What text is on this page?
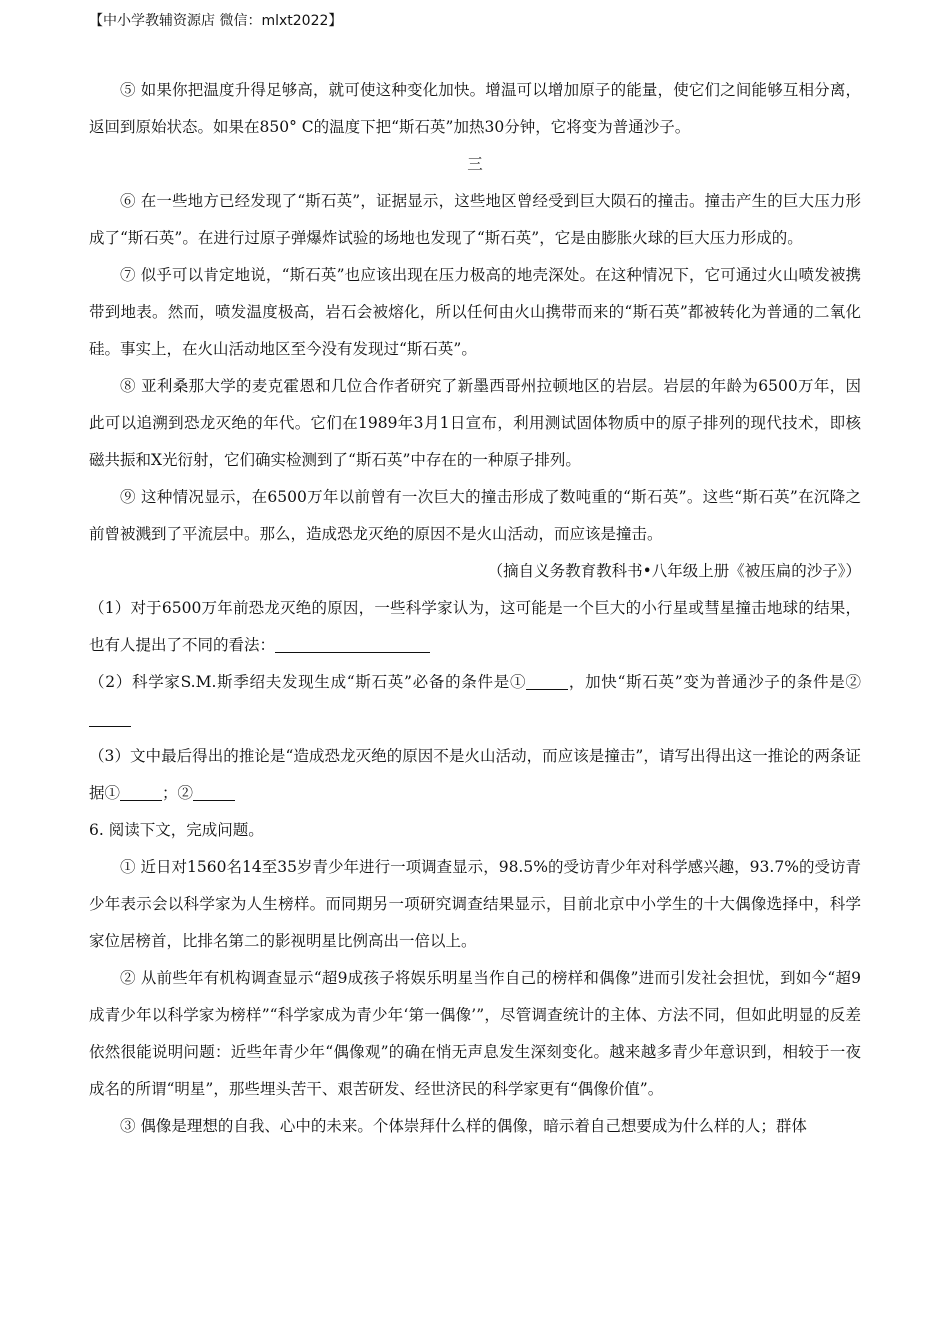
【中小学教辅资源店 微信：mlxt2022】

⑤ 如果你把温度升得足够高，就可使这种变化加快。增温可以增加原子的能量，使它们之间能够互相分离，返回到原始状态。如果在850° C的温度下把“斯石英”加热30分钟，它将变为普通沙子。

三

⑥ 在一些地方已经发现了“斯石英”，证据显示，这些地区曾经受到巨大陨石的撞击。撞击产生的巨大压力形成了“斯石英”。在进行过原子弹爆炸试验的场地也发现了“斯石英”，它是由膨胀火球的巨大压力形成的。

⑦ 似乎可以肯定地说，“斯石英”也应该出现在压力极高的地壳深处。在这种情况下，它可通过火山喷发被携带到地表。然而，喷发温度极高，岩石会被熔化，所以任何由火山携带而来的“斯石英”都被转化为普通的二氧化硅。事实上，在火山活动地区至今没有发现过“斯石英”。

⑧ 亚利桑那大学的麦克霍恩和几位合作者研究了新墨西哥州拉顿地区的岩层。岩层的年龄为6500万年，因此可以追溯到恐龙灭绝的年代。它们在1989年3月1日宣布，利用测试固体物质中的原子排列的现代技术，即核磁共振和X光衍射，它们确实检测到了“斯石英”中存在的一种原子排列。

⑨ 这种情况显示，在6500万年以前曾有一次巨大的撞击形成了数吨重的“斯石英”。这些“斯石英”在沉降之前曾被溅到了平流层中。那么，造成恐龙灭绝的原因不是火山活动，而应该是撞击。

（摘自义务教育教科书•八年级上册《被压扁的沙子》）

（1）对于6500万年前恐龙灭绝的原因，一些科学家认为，这可能是一个巨大的小行星或彗星撞击地球的结果，也有人提出了不同的看法：

（2）科学家S.M.斯季绍夫发现生成“斯石英”必备的条件是①	，加快“斯石英”变为普通沙子的条件是②

（3）文中最后得出的推论是“造成恐龙灭绝的原因不是火山活动，而应该是撞击”，请写出得出这一推论的两条证据①	；②

6. 阅读下文，完成问题。

① 近日对1560名14至35岁青少年进行一项调查显示，98.5%的受访青少年对科学感兴趣，93.7%的受访青少年表示会以科学家为人生榜样。而同期另一项研究调查结果显示，目前北京中小学生的十大偶像选择中，科学家位居榜首，比排名第二的影视明星比例高出一倍以上。

② 从前些年有机构调查显示“超9成孩子将娱乐明星当作自己的榜样和偶像”进而引发社会担忧，到如今“超9成青少年以科学家为榜样”“科学家成为青少年‘第一偶像’”，尽管调查统计的主体、方法不同，但如此明显的反差依然很能说明问题：近些年青少年“偶像观”的确在悄无声息发生深刻变化。越来越多青少年意识到，相较于一夜成名的所谓“明星”，那些埋头苦干、艰苦研发、经世济民的科学家更有“偶像价值”。

③ 偶像是理想的自我、心中的未来。个体崇拜什么样的偶像，暗示着自己想要成为什么样的人；群体
